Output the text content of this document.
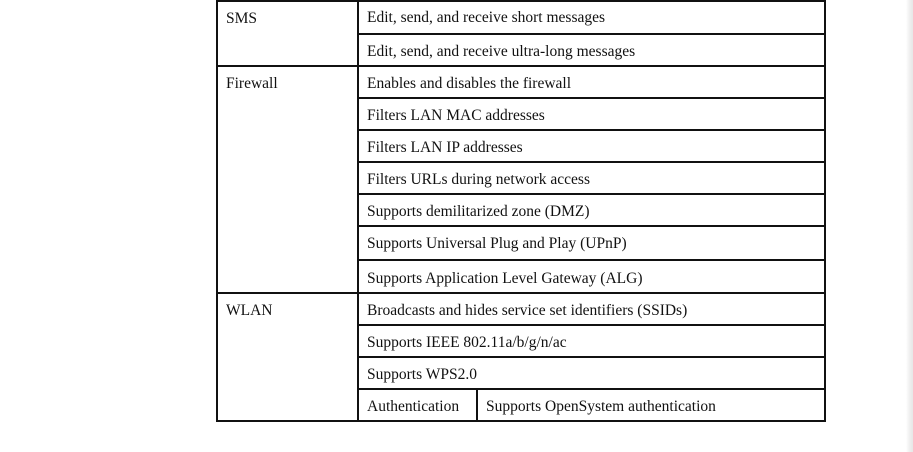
SMS	Edit, send, and receive short messages	
	Edit, send, and receive ultra-long messages	
Firewall	Enables and disables the firewall	
	Filters LAN MAC addresses	
	Filters LAN IP addresses	
	Filters URLs during network access	
	Supports demilitarized zone (DMZ)	
	Supports Universal Plug and Play (UPnP)	
	Supports Application Level Gateway (ALG)	
WLAN	Broadcasts and hides service set identifiers (SSIDs)	
	Supports IEEE 802.11a/b/g/n/ac	
	Supports WPS2.0	
	Authentication	Supports OpenSystem authentication
